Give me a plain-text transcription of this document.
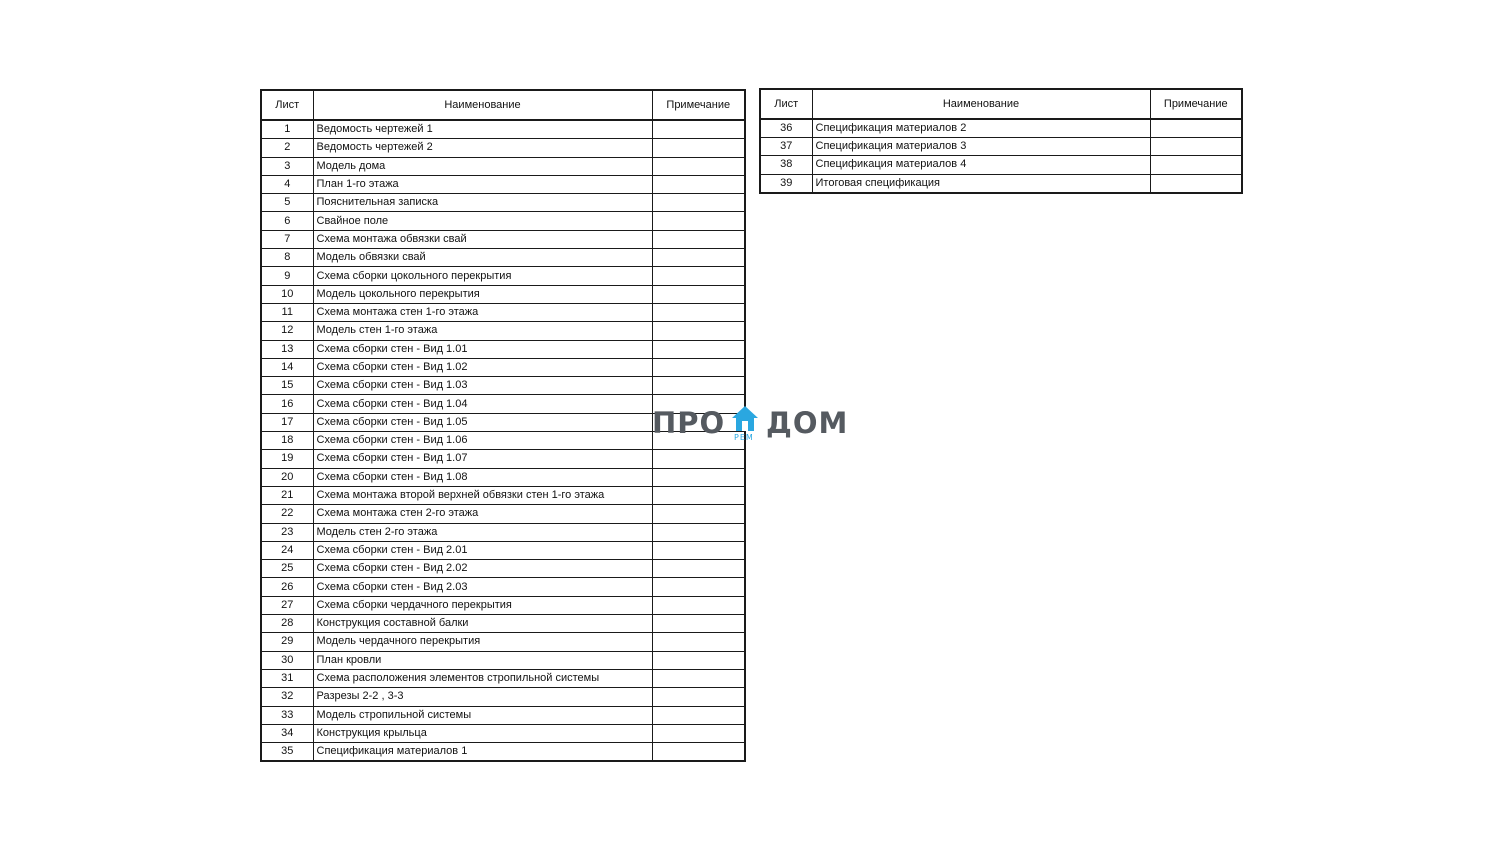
Лист	Наименование	Примечание
1	Ведомость чертежей 1	
2	Ведомость чертежей 2	
3	Модель дома	
4	План 1-го этажа	
5	Пояснительная записка	
6	Свайное поле	
7	Схема монтажа обвязки свай	
8	Модель обвязки свай	
9	Схема сборки цокольного перекрытия	
10	Модель цокольного перекрытия	
11	Схема монтажа стен 1-го этажа	
12	Модель стен 1-го этажа	
13	Схема сборки стен - Вид 1.01	
14	Схема сборки стен - Вид 1.02	
15	Схема сборки стен - Вид 1.03	
16	Схема сборки стен - Вид 1.04	
17	Схема сборки стен - Вид 1.05	
18	Схема сборки стен - Вид 1.06	
19	Схема сборки стен - Вид 1.07	
20	Схема сборки стен - Вид 1.08	
21	Схема монтажа второй верхней обвязки стен 1-го этажа	
22	Схема монтажа стен 2-го этажа	
23	Модель стен 2-го этажа	
24	Схема сборки стен - Вид 2.01	
25	Схема сборки стен - Вид 2.02	
26	Схема сборки стен - Вид 2.03	
27	Схема сборки чердачного перекрытия	
28	Конструкция составной балки	
29	Модель чердачного перекрытия	
30	План кровли	
31	Схема расположения элементов стропильной системы	
32	Разрезы 2-2 , 3-3	
33	Модель стропильной системы	
34	Конструкция крыльца	
35	Спецификация материалов 1	
Лист	Наименование	Примечание
36	Спецификация материалов 2	
37	Спецификация материалов 3	
38	Спецификация материалов 4	
39	Итоговая спецификация	
ПРО РЕМ ДОМ
